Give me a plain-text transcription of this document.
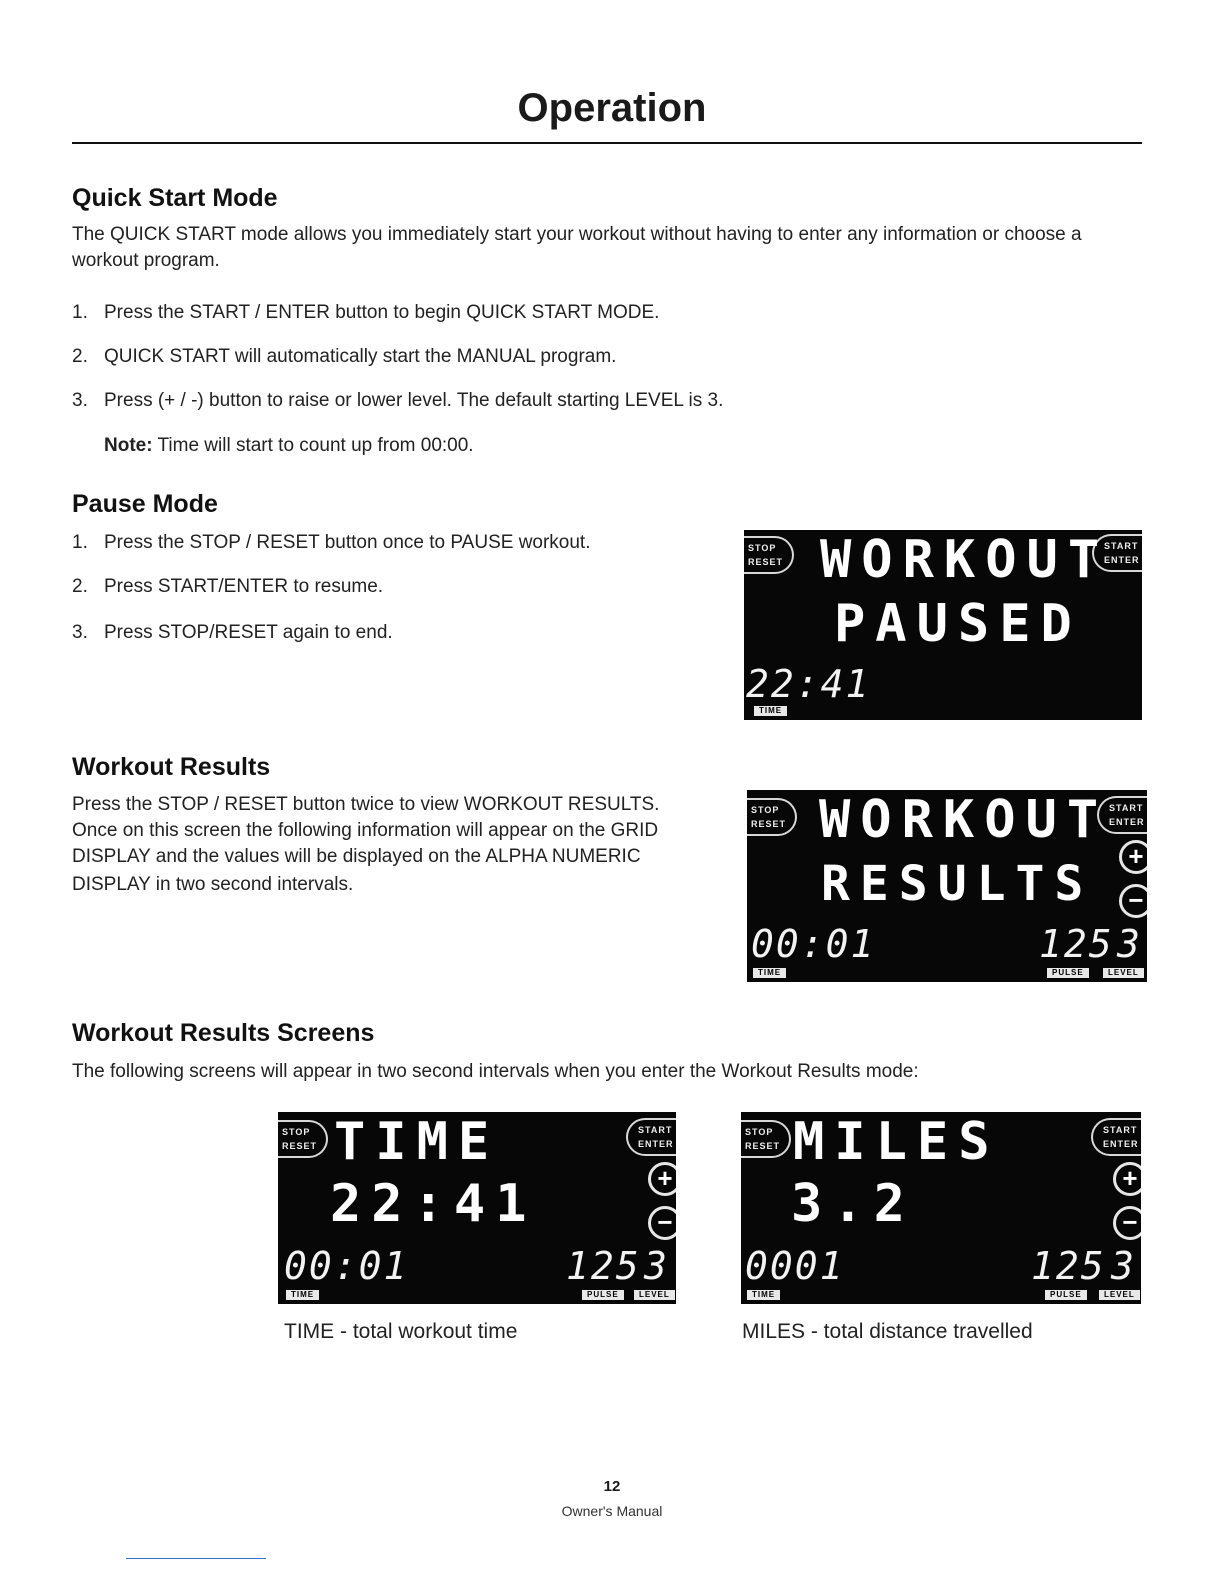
Operation
Quick Start Mode

The QUICK START mode allows you immediately start your workout without having to enter any information or choose a

workout program.

1. Press the START / ENTER button to begin QUICK START MODE.
2. QUICK START will automatically start the MANUAL program.
3. Press (+ / -) button to raise or lower level. The default starting LEVEL is 3.

Note: Time will start to count up from 00:00.

Pause Mode
1. Press the STOP / RESET button once to PAUSE workout.
2. Press START/ENTER to resume.
3. Press STOP/RESET again to end.
STOP
RESET
START
ENTER
WORKOUT
PAUSED
22:41
TIME
Workout Results

Press the STOP / RESET button twice to view WORKOUT RESULTS.

Once on this screen the following information will appear on the GRID

DISPLAY and the values will be displayed on the ALPHA NUMERIC

DISPLAY in two second intervals.

STOP
RESET
START
ENTER
+
−
WORKOUT
RESULTS
00:01	125 3
TIME	PULSE	LEVEL
Workout Results Screens

The following screens will appear in two second intervals when you enter the Workout Results mode:

STOP
RESET
START
ENTER
+
−
TIME
22:41
00:01	125 3
TIME	PULSE	LEVEL

TIME - total workout time

STOP
RESET
START
ENTER
+
−
MILES
3.2
0001	125 3
TIME	PULSE	LEVEL

MILES - total distance travelled

12
Owner's Manual
